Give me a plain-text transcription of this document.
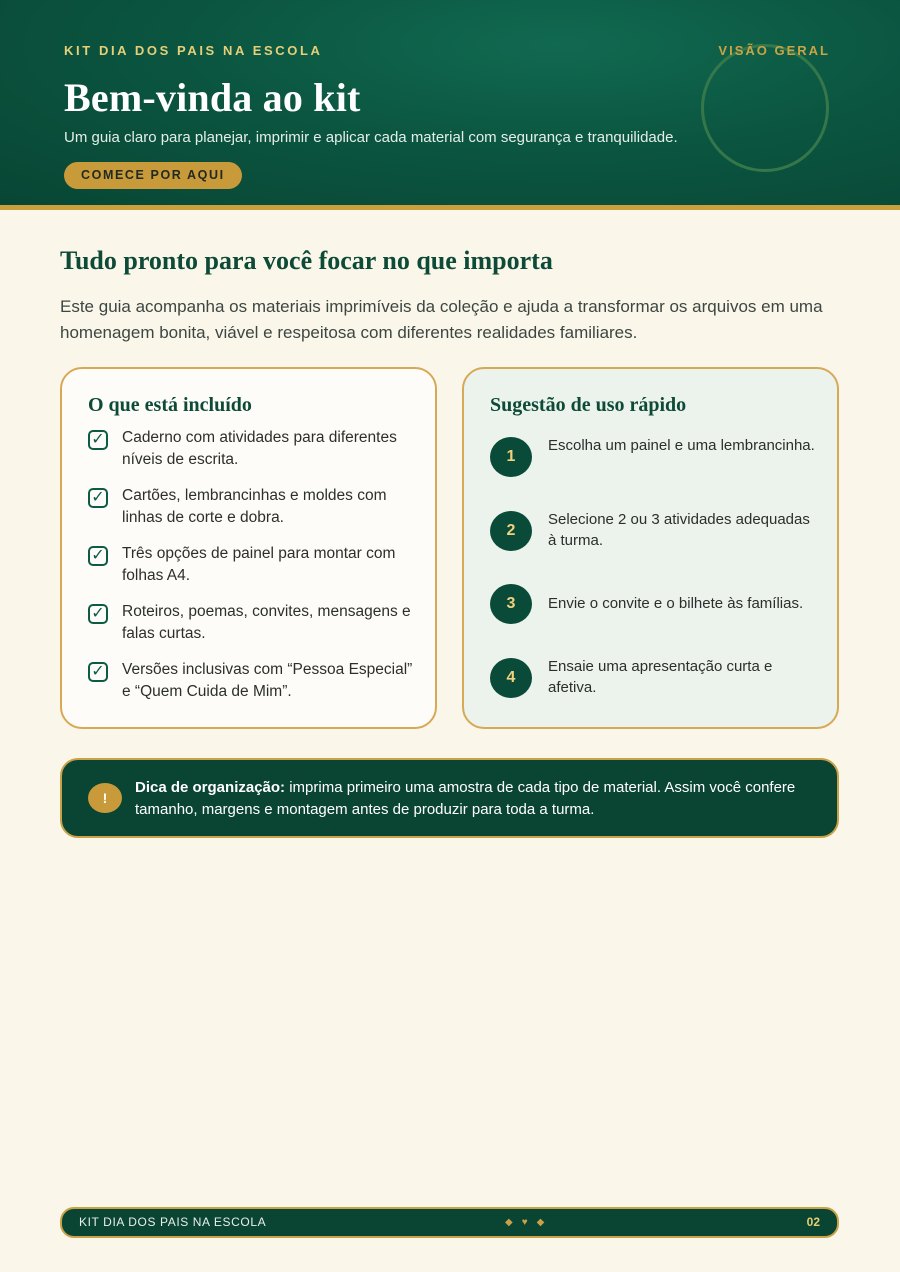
KIT DIA DOS PAIS NA ESCOLA	VISÃO GERAL
Bem-vinda ao kit

Um guia claro para planejar, imprimir e aplicar cada material com segurança e tranquilidade.

COMECE POR AQUI
Tudo pronto para você focar no que importa

Este guia acompanha os materiais imprimíveis da coleção e ajuda a transformar os arquivos em uma homenagem bonita, viável e respeitosa com diferentes realidades familiares.

O que está incluído
✓ Caderno com atividades para diferentes níveis de escrita.
✓ Cartões, lembrancinhas e moldes com linhas de corte e dobra.
✓ Três opções de painel para montar com folhas A4.
✓ Roteiros, poemas, convites, mensagens e falas curtas.
✓ Versões inclusivas com “Pessoa Especial” e “Quem Cuida de Mim”.
Sugestão de uso rápido
1
Escolha um painel e uma lembrancinha.
2
Selecione 2 ou 3 atividades adequadas à turma.
3	Envie o convite e o bilhete às famílias.
4
Ensaie uma apresentação curta e afetiva.
!
Dica de organização: imprima primeiro uma amostra de cada tipo de material. Assim você confere tamanho, margens e montagem antes de produzir para toda a turma.
KIT DIA DOS PAIS NA ESCOLA	◆♥◆	02
